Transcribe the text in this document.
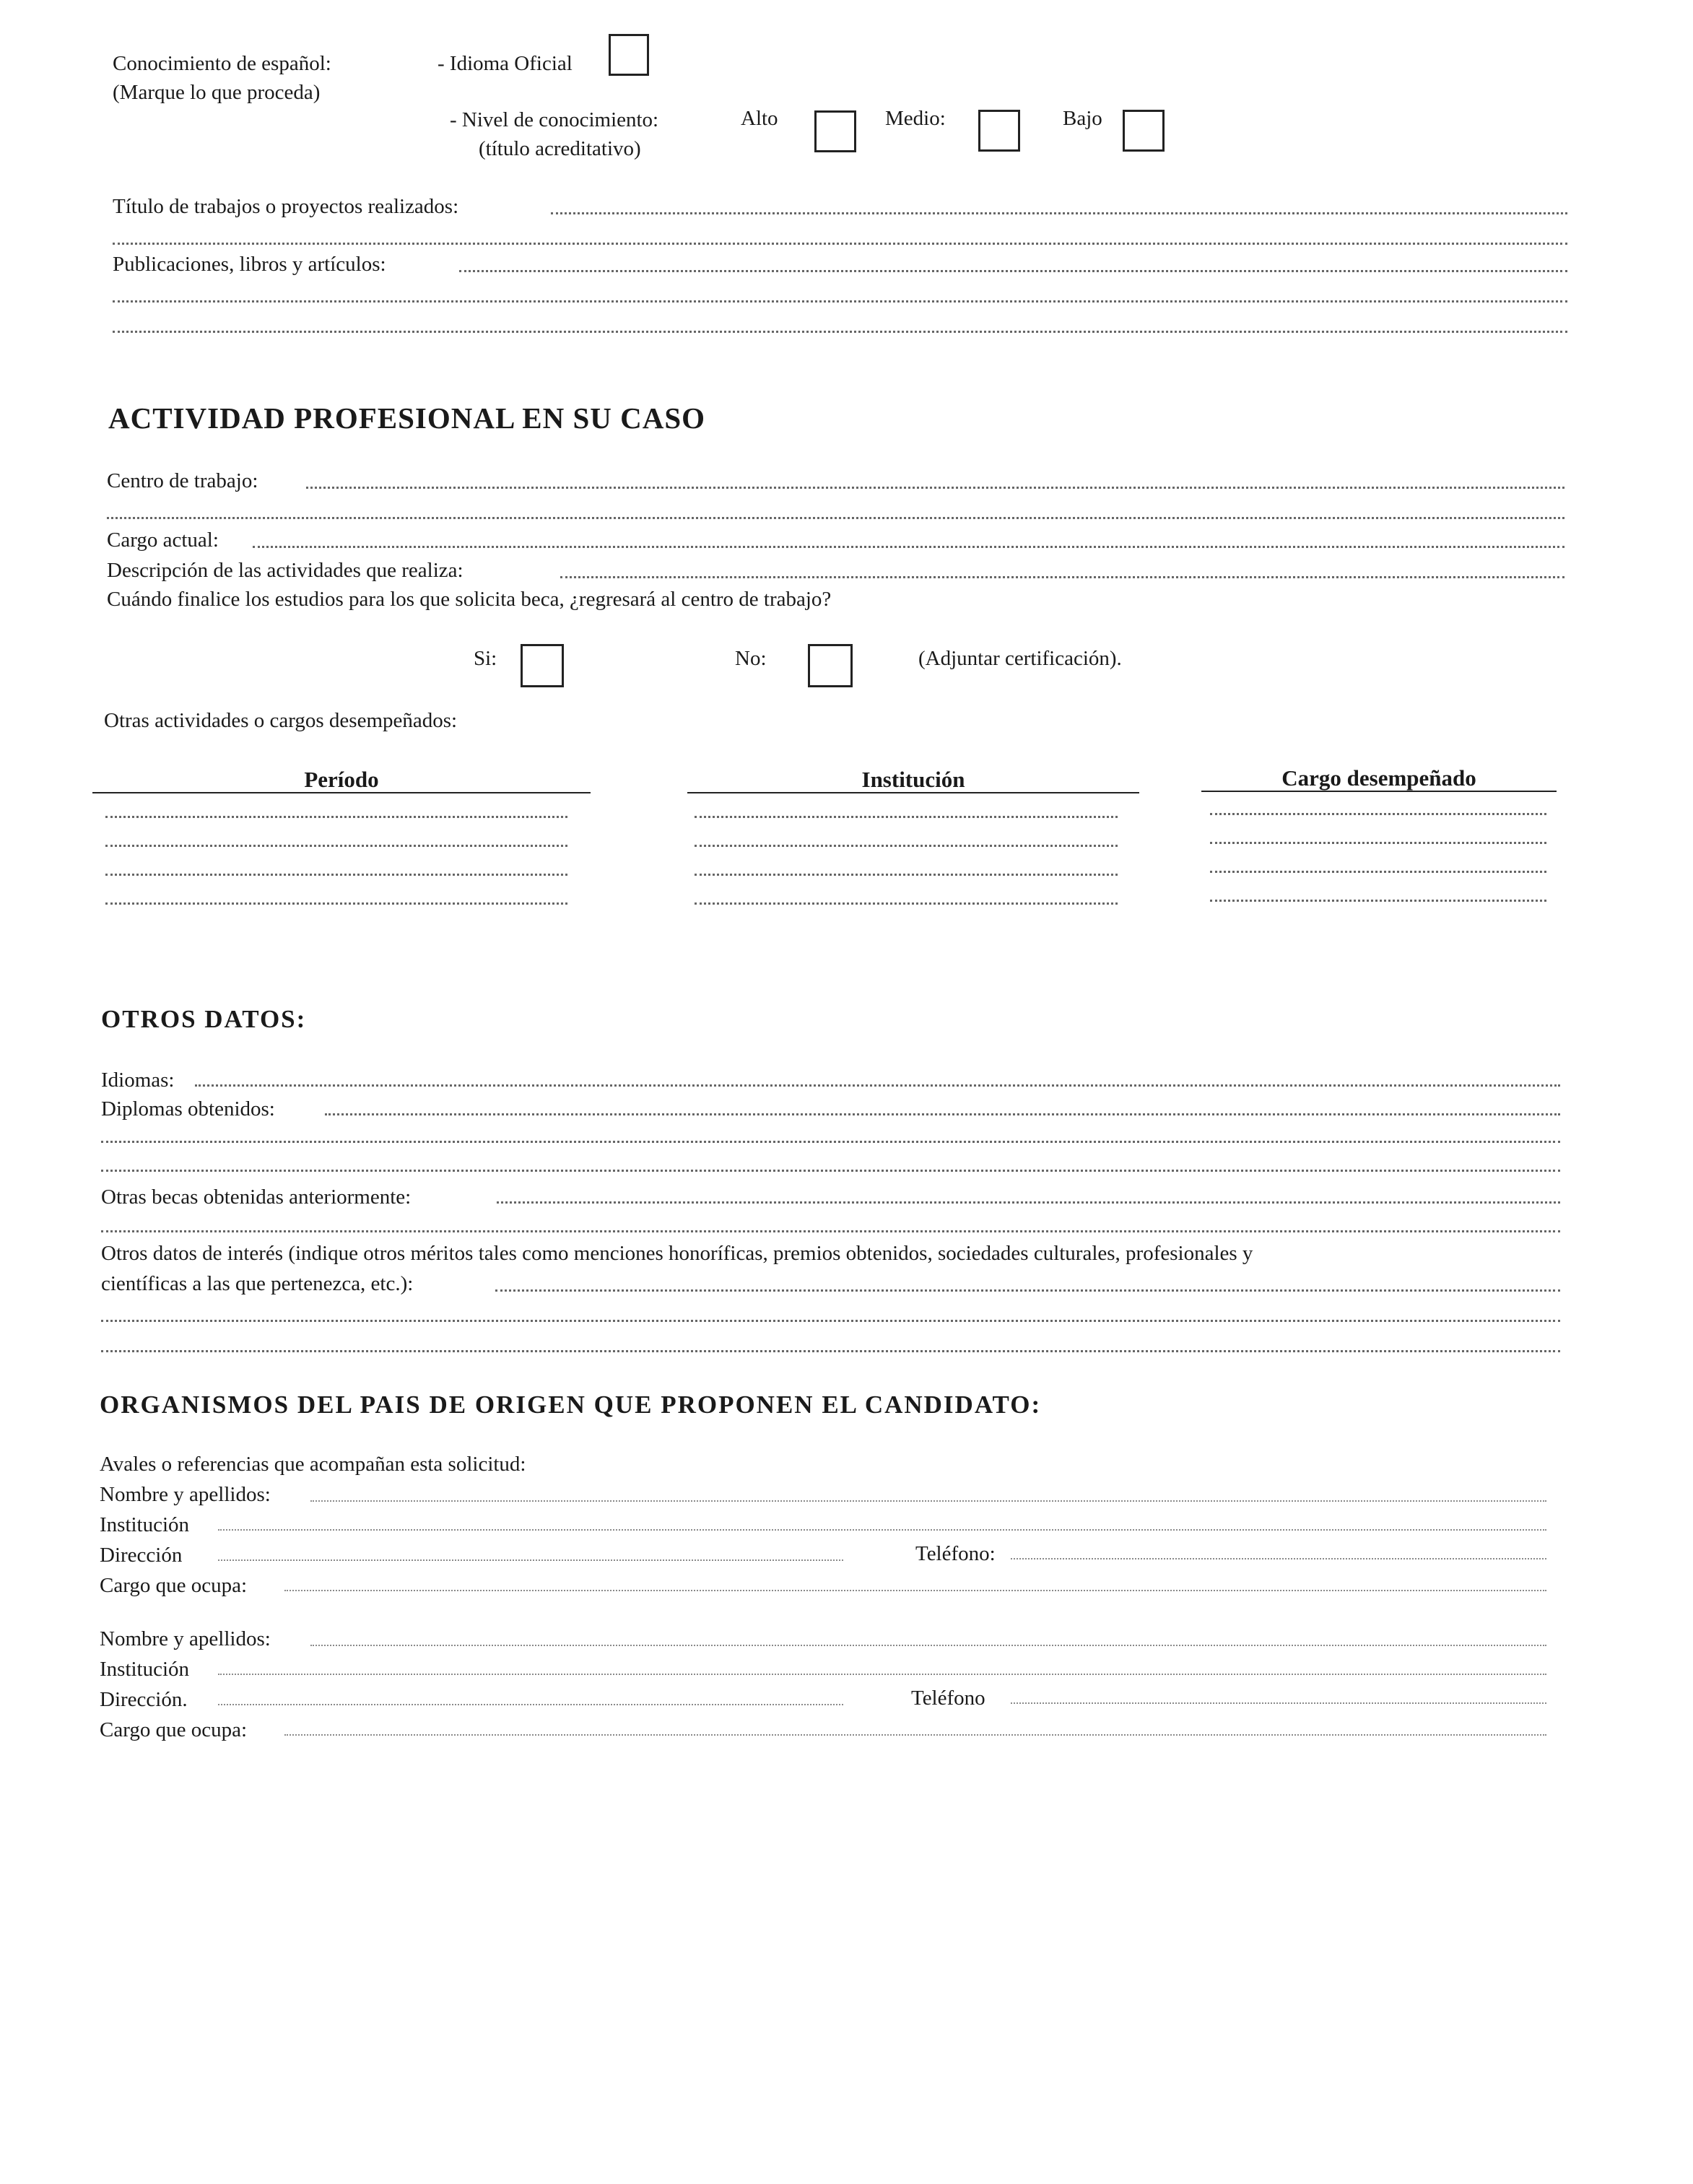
Conocimiento de español:
(Marque lo que proceda)
- Idioma Oficial
- Nivel de conocimiento:
(título acreditativo)
Alto	Medio:	Bajo
Título de trabajos o proyectos realizados:
Publicaciones, libros y artículos:
ACTIVIDAD PROFESIONAL EN SU CASO
Centro de trabajo:
Cargo actual:
Descripción de las actividades que realiza:
Cuándo finalice los estudios para los que solicita beca, ¿regresará al centro de trabajo?
Si:	No:	(Adjuntar certificación).
Otras actividades o cargos desempeñados:
Período	Institución	Cargo desempeñado
OTROS DATOS:
Idiomas:
Diplomas obtenidos:
Otras becas obtenidas anteriormente:
Otros datos de interés (indique otros méritos tales como menciones honoríficas, premios obtenidos, sociedades culturales, profesionales y
científicas a las que pertenezca, etc.):
ORGANISMOS DEL PAIS DE ORIGEN QUE PROPONEN EL CANDIDATO:
Avales o referencias que acompañan esta solicitud:
Nombre y apellidos:
Institución
Dirección	Teléfono:
Cargo que ocupa:
Nombre y apellidos:
Institución
Dirección.	Teléfono
Cargo que ocupa:
